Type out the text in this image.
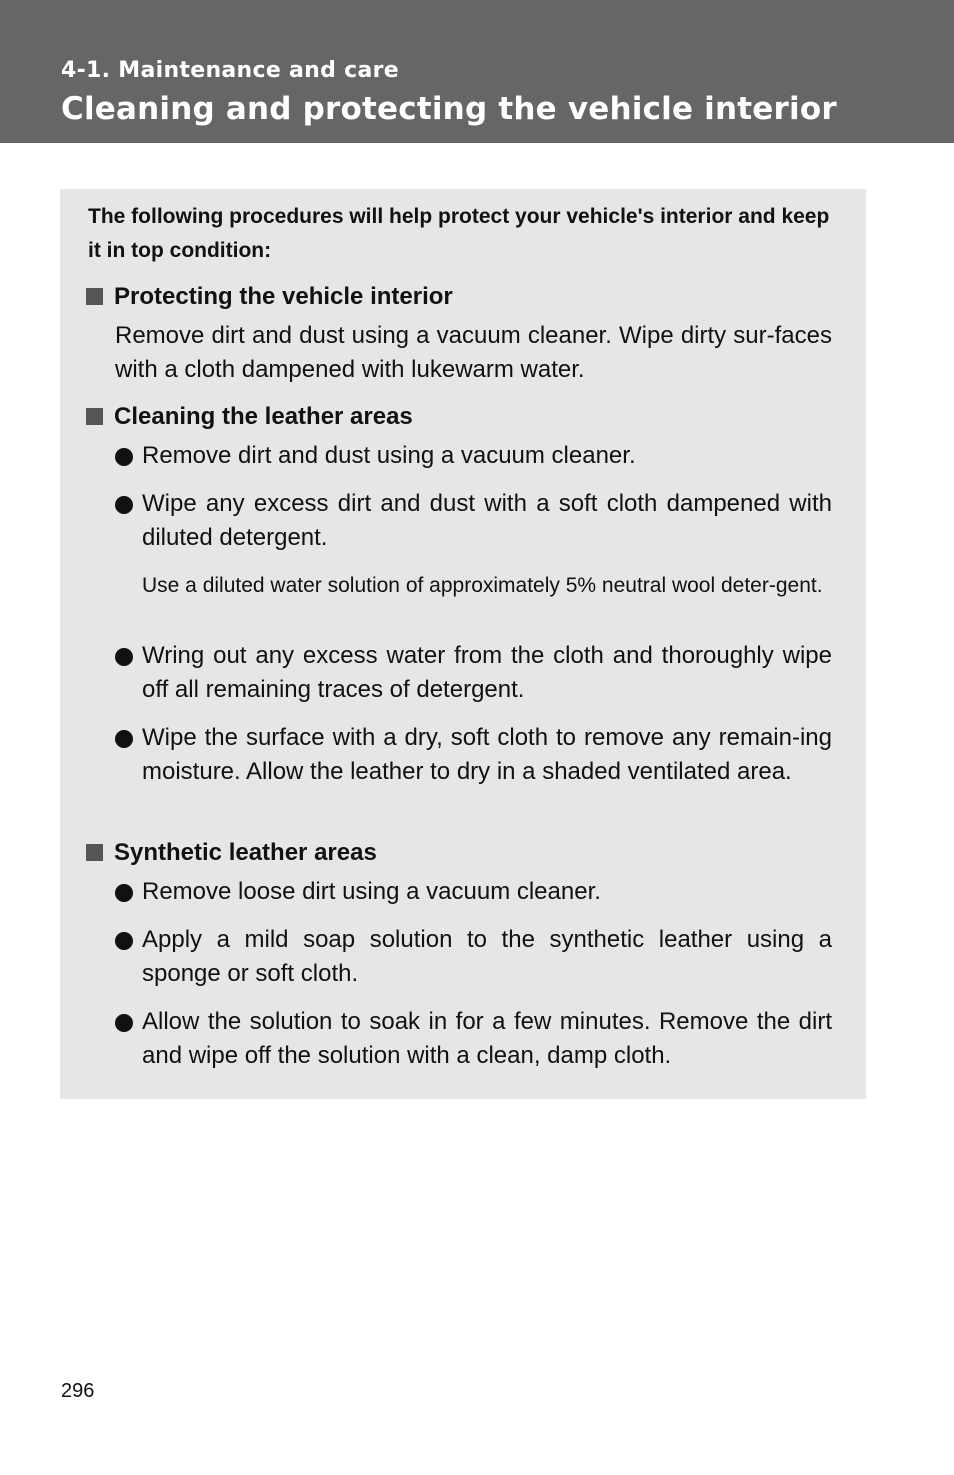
4-1. Maintenance and care
Cleaning and protecting the vehicle interior
The following procedures will help protect your vehicle's interior and keep it in top condition:
Protecting the vehicle interior
Remove dirt and dust using a vacuum cleaner. Wipe dirty sur-faces with a cloth dampened with lukewarm water.
Cleaning the leather areas
Remove dirt and dust using a vacuum cleaner.
Wipe any excess dirt and dust with a soft cloth dampened with diluted detergent.
Use a diluted water solution of approximately 5% neutral wool deter-gent.
Wring out any excess water from the cloth and thoroughly wipe off all remaining traces of detergent.
Wipe the surface with a dry, soft cloth to remove any remain-ing moisture. Allow the leather to dry in a shaded ventilated area.
Synthetic leather areas
Remove loose dirt using a vacuum cleaner.
Apply a mild soap solution to the synthetic leather using a sponge or soft cloth.
Allow the solution to soak in for a few minutes. Remove the dirt and wipe off the solution with a clean, damp cloth.
296
